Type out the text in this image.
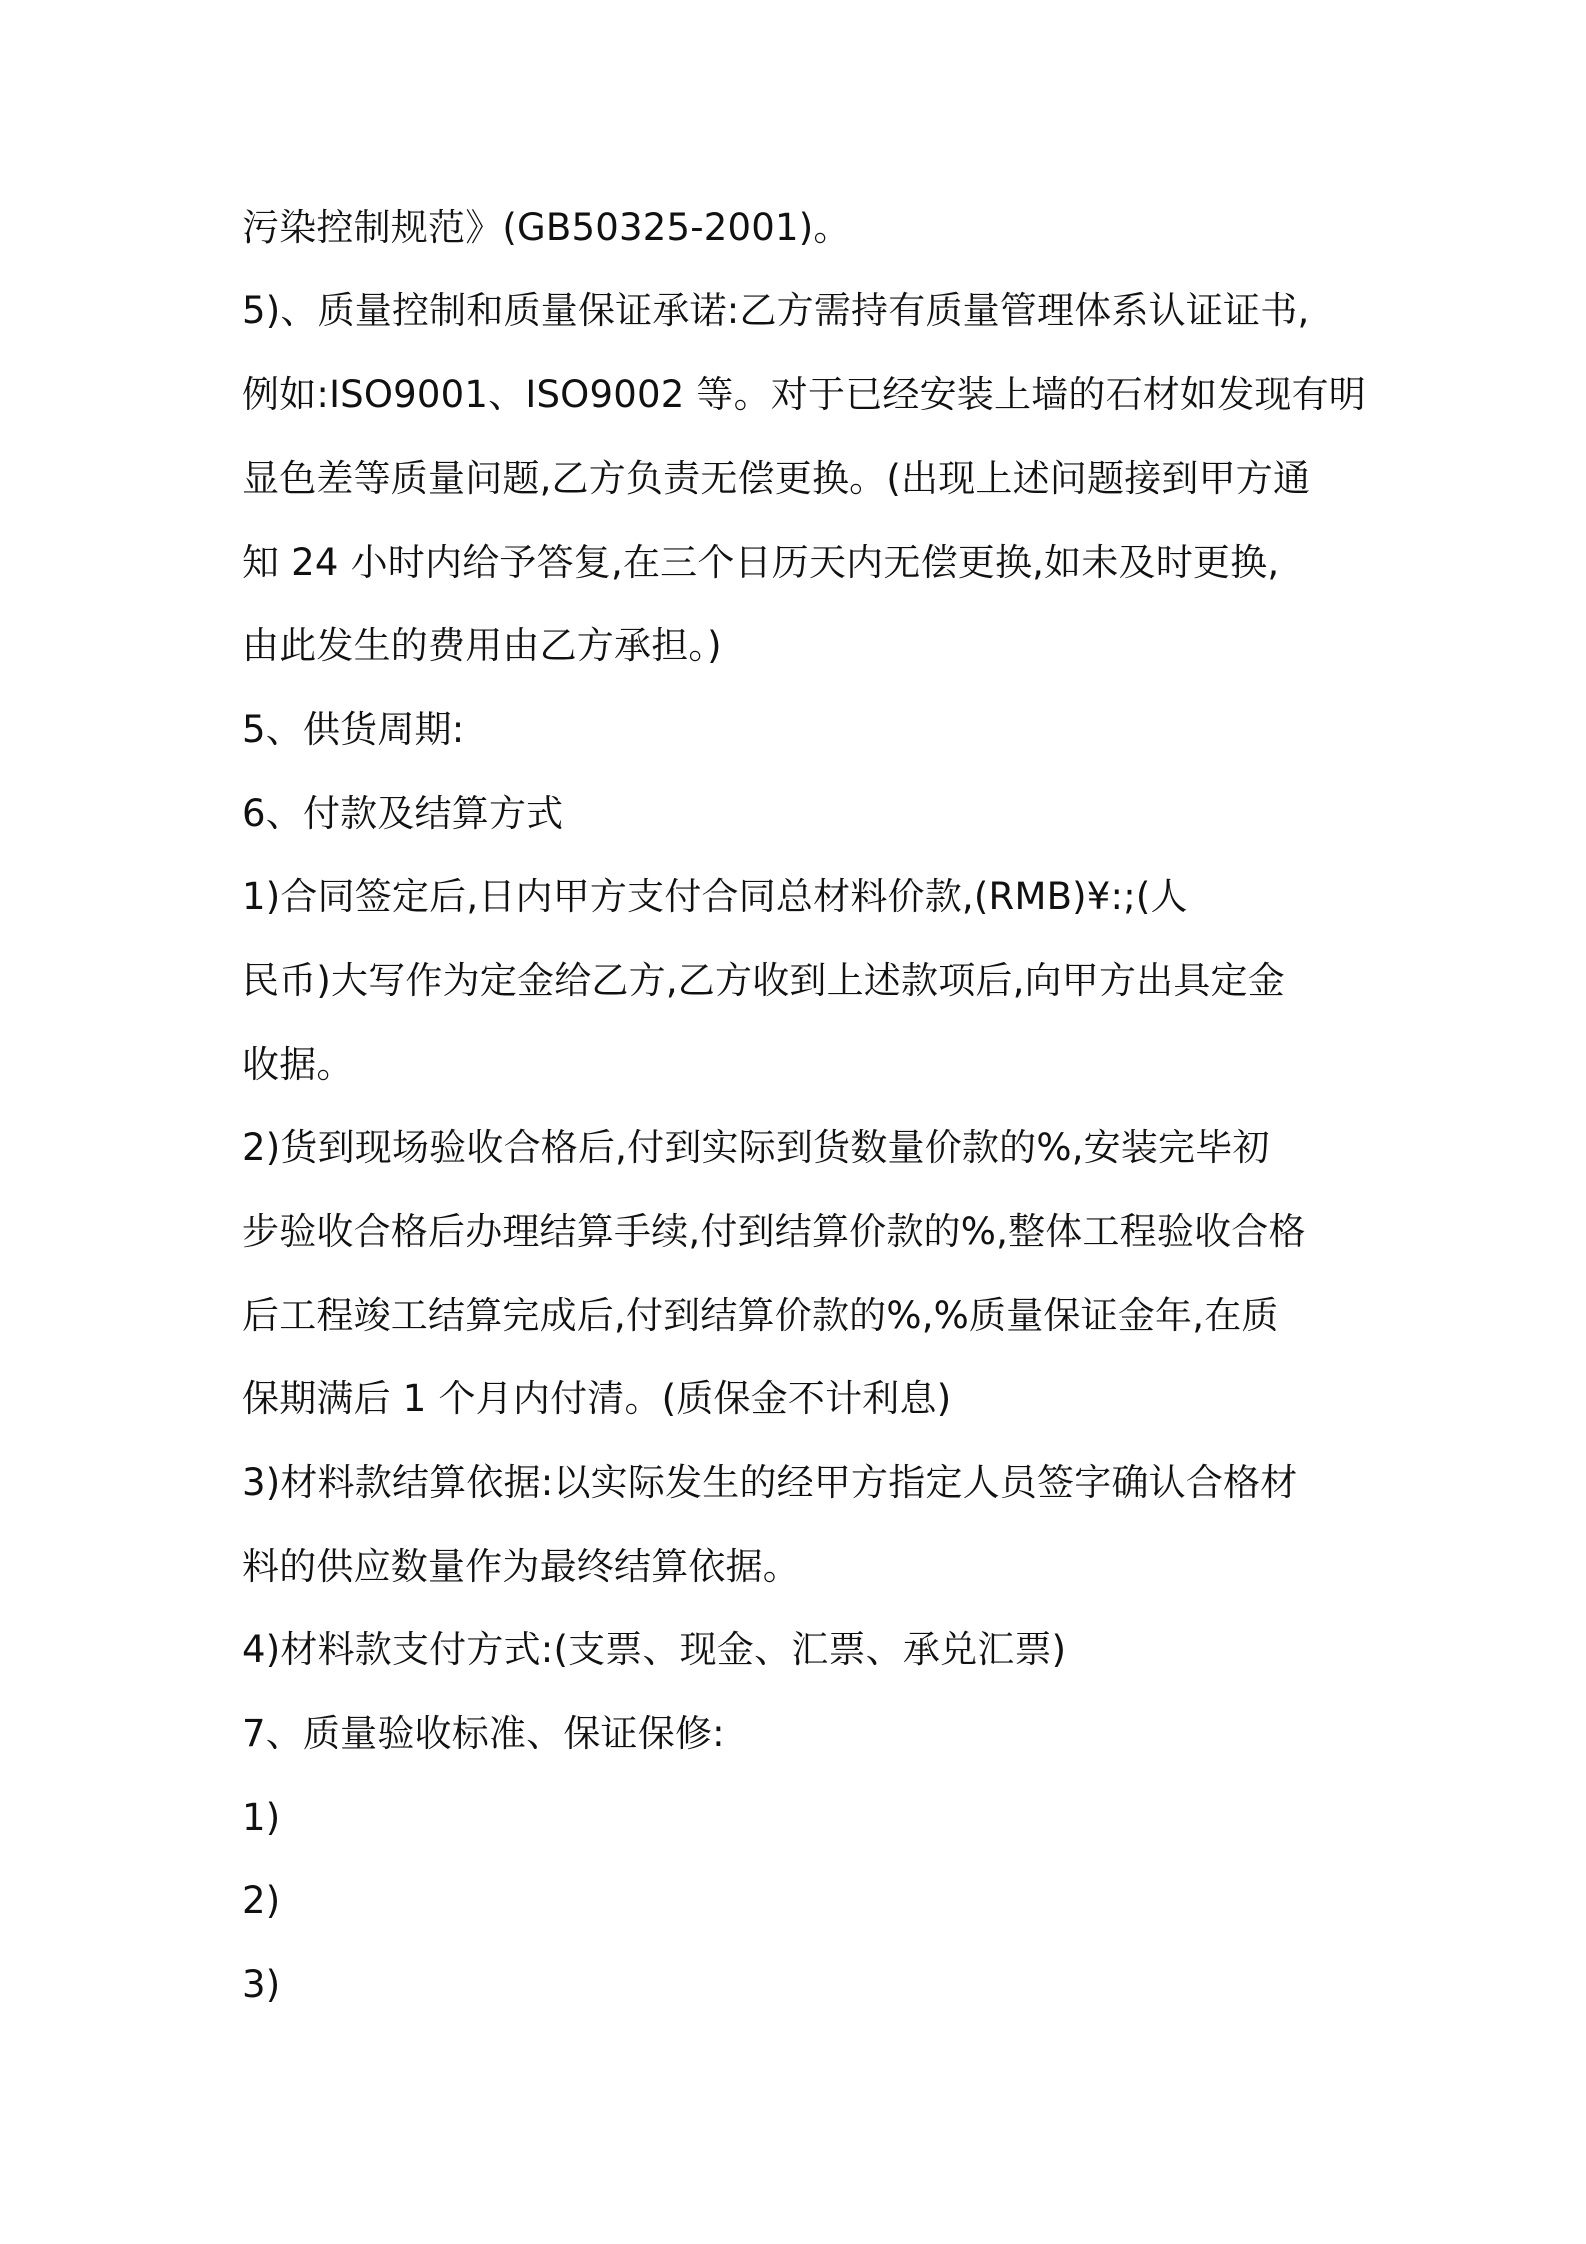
污染控制规范》(GB50325-2001)。
5)、质量控制和质量保证承诺:乙方需持有质量管理体系认证证书,
例如:ISO9001、ISO9002 等。对于已经安装上墙的石材如发现有明
显色差等质量问题,乙方负责无偿更换。(出现上述问题接到甲方通
知 24 小时内给予答复,在三个日历天内无偿更换,如未及时更换,
由此发生的费用由乙方承担。)
5、供货周期:
6、付款及结算方式
1)合同签定后,日内甲方支付合同总材料价款,(RMB)¥:;(人
民币)大写作为定金给乙方,乙方收到上述款项后,向甲方出具定金
收据。
2)货到现场验收合格后,付到实际到货数量价款的%,安装完毕初
步验收合格后办理结算手续,付到结算价款的%,整体工程验收合格
后工程竣工结算完成后,付到结算价款的%,%质量保证金年,在质
保期满后 1 个月内付清。(质保金不计利息)
3)材料款结算依据:以实际发生的经甲方指定人员签字确认合格材
料的供应数量作为最终结算依据。
4)材料款支付方式:(支票、现金、汇票、承兑汇票)
7、质量验收标准、保证保修:
1)
2)
3)
